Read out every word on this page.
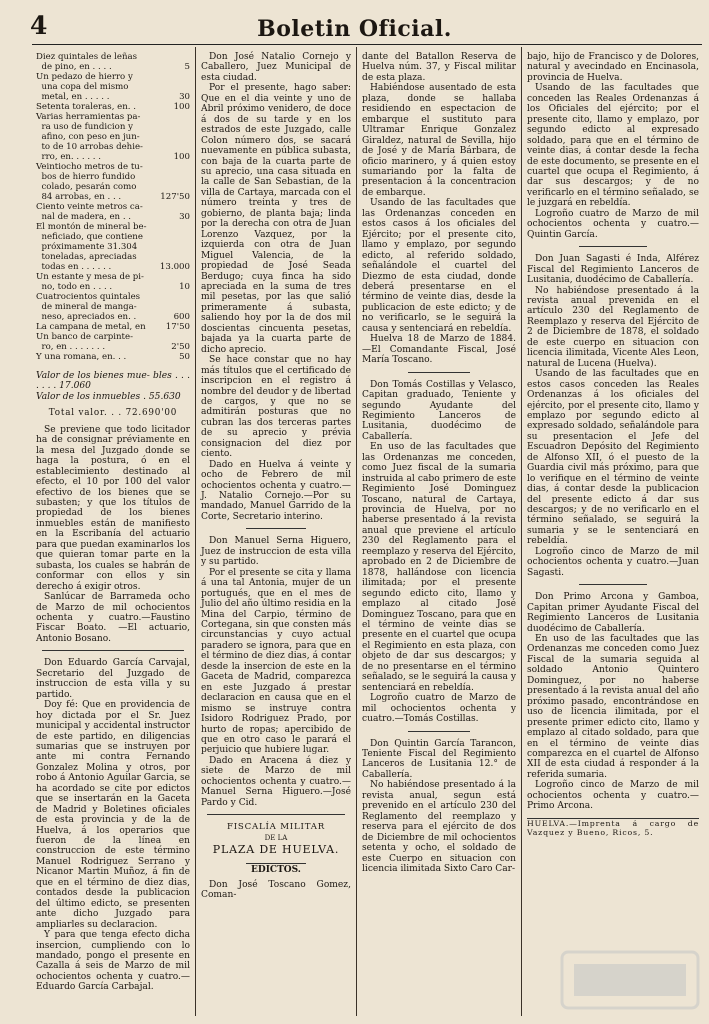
4	Boletin Oficial.
Diez quintales de leñas
de pino, en . . . .	5
Un pedazo de hierro y
una copa del mismo
metal, en . . . . .	30
Setenta toraleras, en. .	100
Varias herramientas pa-
ra uso de fundicion y
afino, con peso en jun-
to de 10 arrobas dehie-
rro, en. . . . . .	100
Veintiocho metros de tu-
bos de hierro fundido
colado, pesarán como
84 arrobas, en . . .	127'50
Ciento veinte metros ca-
nal de madera, en . .	30
El montón de mineral be-
neficiado, que contiene
próximamente 31.304
toneladas, apreciadas
todas en . . . . . .	13.000
Un estante y mesa de pi-
no, todo en . . . .	10
Cuatrocientos quintales
de mineral de manga-
neso, apreciados en. .	600
La campana de metal, en 17'50
Un banco de carpinte-
ro, en . . . . . . .	2'50
Y una romana, en. . .	50

Valor de los bienes mue- bles . . . . . . . 17.060

Valor de los inmuebles . 55.630

Total valor. . . 72.690'00

Se previene que todo licitador ha de consignar préviamente en la mesa del Juzgado donde se haga la postura, ó en el establecimiento destinado al efecto, el 10 por 100 del valor efectivo de los bienes que se subasten; y que los títulos de propiedad de los bienes inmuebles están de manifiesto en la Escribanía del actuario para que puedan examinarlos los que quieran tomar parte en la subasta, los cuales se habrán de conformar con ellos y sin derecho á exigir otros.

Sanlúcar de Barrameda ocho de Marzo de mil ochocientos ochenta y cuatro.—Faustino Fiscar Boato. —El actuario, Antonio Bosano.

Don Eduardo García Carvajal, Secretario del Juzgado de instruccion de esta villa y su partido.

Doy fé: Que en providencia de hoy dictada por el Sr. Juez municipal y accidental instructor de este partido, en diligencias sumarias que se instruyen por ante mi contra Fernando Gonzalez Molina y otros, por robo á Antonio Aguilar Garcia, se ha acordado se cite por edictos que se insertarán en la Gaceta de Madrid y Boletines oficiales de esta provincia y de la de Huelva, á los operarios que fueron de la línea en construccion de este término Manuel Rodriguez Serrano y Nicanor Martin Muñoz, á fin de que en el término de diez dias, contados desde la publicacion del último edicto, se presenten ante dicho Juzgado para ampliarles su declaracion.

Y para que tenga efecto dicha insercion, cumpliendo con lo mandado, pongo el presente en Cazalla á seis de Marzo de mil ochocientos ochenta y cuatro.—Eduardo García Carbajal.

Don José Natalio Cornejo y Caballero, Juez Municipal de esta ciudad.

Por el presente, hago saber: Que en el dia veinte y uno de Abril próximo venidero, de doce á dos de su tarde y en los estrados de este Juzgado, calle Colon número dos, se sacará nuevamente en pública subasta, con baja de la cuarta parte de su aprecio, una casa situada en la calle de San Sebastian, de la villa de Cartaya, marcada con el número treinta y tres de gobierno, de planta baja; linda por la derecha con otra de Juan Lorenzo Vazquez, por la izquierda con otra de Juan Miguel Valencia, de la propiedad de José Seada Berdugo; cuya finca ha sido apreciada en la suma de tres mil pesetas, por las que salió primeramente á subasta, saliendo hoy por la de dos mil doscientas cincuenta pesetas, bajada ya la cuarta parte de dicho aprecio.

Se hace constar que no hay más títulos que el certificado de inscripcion en el registro á nombre del deudor y de libertad de cargos, y que no se admitirán posturas que no cubran las dos terceras partes de su aprecio y prévia consignacion del diez por ciento.

Dado en Huelva á veinte y ocho de Febrero de mil ochocientos ochenta y cuatro.—J. Natalio Cornejo.—Por su mandado, Manuel Garrido de la Corte, Secretario interino.

Don Manuel Serna Higuero, Juez de instruccion de esta villa y su partido.

Por el presente se cita y llama á una tal Antonia, mujer de un portugués, que en el mes de Julio del año último residia en la Mina del Carpio, término de Cortegana, sin que consten más circunstancias y cuyo actual paradero se ignora, para que en el término de diez dias, á contar desde la insercion de este en la Gaceta de Madrid, comparezca en este Juzgado á prestar declaracion en causa que en el mismo se instruye contra Isidoro Rodriguez Prado, por hurto de ropas; apercibido de que en otro caso le parará el perjuicio que hubiere lugar.

Dado en Aracena á diez y siete de Marzo de mil ochocientos ochenta y cuatro.—Manuel Serna Higuero.—José Pardo y Cid.

FISCALÍA MILITAR

DE LA

PLAZA DE HUELVA.

EDICTOS.

Don José Toscano Gomez, Coman-

dante del Batallon Reserva de Huelva núm. 37, y Fiscal militar de esta plaza.

Habiéndose ausentado de esta plaza, donde se hallaba residiendo en espectacion de embarque el sustituto para Ultramar Enrique Gonzalez Giraldez, natural de Sevilla, hijo de José y de María Bárbara, de oficio marinero, y á quien estoy sumariando por la falta de presentacion á la concentracion de embarque.

Usando de las facultades que las Ordenanzas conceden en estos casos á los oficiales del Ejército; por el presente cito, llamo y emplazo, por segundo edicto, al referido soldado, señalándole el cuartel del Diezmo de esta ciudad, donde deberá presentarse en el término de veinte dias, desde la publicacion de este edicto; y de no verificarlo, se le seguirá la causa y sentenciará en rebeldía.

Huelva 18 de Marzo de 1884. —El Comandante Fiscal, José María Toscano.

Don Tomás Costillas y Velasco, Capitan graduado, Teniente y segundo Ayudante del Regimiento Lanceros de Lusitania, duodécimo de Caballería.

En uso de las facultades que las Ordenanzas me conceden, como Juez fiscal de la sumaria instruida al cabo primero de este Regimiento José Dominguez Toscano, natural de Cartaya, provincia de Huelva, por no haberse presentado á la revista anual que previene el artículo 230 del Reglamento para el reemplazo y reserva del Ejército, aprobado en 2 de Diciembre de 1878, hallándose con licencia ilimitada; por el presente segundo edicto cito, llamo y emplazo al citado José Dominguez Toscano, para que en el término de veinte dias se presente en el cuartel que ocupa el Regimiento en esta plaza, con objeto de dar sus descargos; y de no presentarse en el término señalado, se le seguirá la causa y sentenciará en rebeldía.

Logroño cuatro de Marzo de mil ochocientos ochenta y cuatro.—Tomás Costillas.

Don Quintin García Tarancon, Teniente Fiscal del Regimiento Lanceros de Lusitania 12.° de Caballería.

No habiéndose presentado á la revista anual, segun está prevenido en el artículo 230 del Reglamento del reemplazo y reserva para el ejército de dos de Diciembre de mil ochocientos setenta y ocho, el soldado de este Cuerpo en situacion con licencia ilimitada Sixto Caro Car-

bajo, hijo de Francisco y de Dolores, natural y avecindado en Encinasola, provincia de Huelva.

Usando de las facultades que conceden las Reales Ordenanzas á los Oficiales del ejército; por el presente cito, llamo y emplazo, por segundo edicto al expresado soldado, para que en el término de veinte dias, á contar desde la fecha de este documento, se presente en el cuartel que ocupa el Regimiento, á dar sus descargos; y de no verificarlo en el término señalado, se le juzgará en rebeldía.

Logroño cuatro de Marzo de mil ochocientos ochenta y cuatro.—Quintin García.

Don Juan Sagasti é Inda, Alférez Fiscal del Regimiento Lanceros de Lusitania, duodécimo de Caballería.

No habiéndose presentado á la revista anual prevenida en el artículo 230 del Reglamento de Reemplazo y reserva del Ejército de 2 de Diciembre de 1878, el soldado de este cuerpo en situacion con licencia ilimitada, Vicente Ales Leon, natural de Lucena (Huelva).

Usando de las facultades que en estos casos conceden las Reales Ordenanzas á los oficiales del ejército, por el presente cito, llamo y emplazo por segundo edicto al expresado soldado, señalándole para su presentacion el Jefe del Escuadron Depósito del Regimiento de Alfonso XII, ó el puesto de la Guardia civil más próximo, para que lo verifique en el término de veinte dias, á contar desde la publicacion del presente edicto á dar sus descargos; y de no verificarlo en el término señalado, se seguirá la sumaria y se le sentenciará en rebeldía.

Logroño cinco de Marzo de mil ochocientos ochenta y cuatro.—Juan Sagasti.

Don Primo Arcona y Gamboa, Capitan primer Ayudante Fiscal del Regimiento Lanceros de Lusitania duodécimo de Caballería.

En uso de las facultades que las Ordenanzas me conceden como Juez Fiscal de la sumaria seguida al soldado Antonio Quintero Dominguez, por no haberse presentado á la revista anual del año próximo pasado, encontrándose en uso de licencia ilimitada, por el presente primer edicto cito, llamo y emplazo al citado soldado, para que en el término de veinte dias comparezca en el cuartel de Alfonso XII de esta ciudad á responder á la referida sumaria.

Logroño cinco de Marzo de mil ochocientos ochenta y cuatro.—Primo Arcona.

HUELVA.—Imprenta á cargo de Vazquez y Bueno, Ricos, 5.
